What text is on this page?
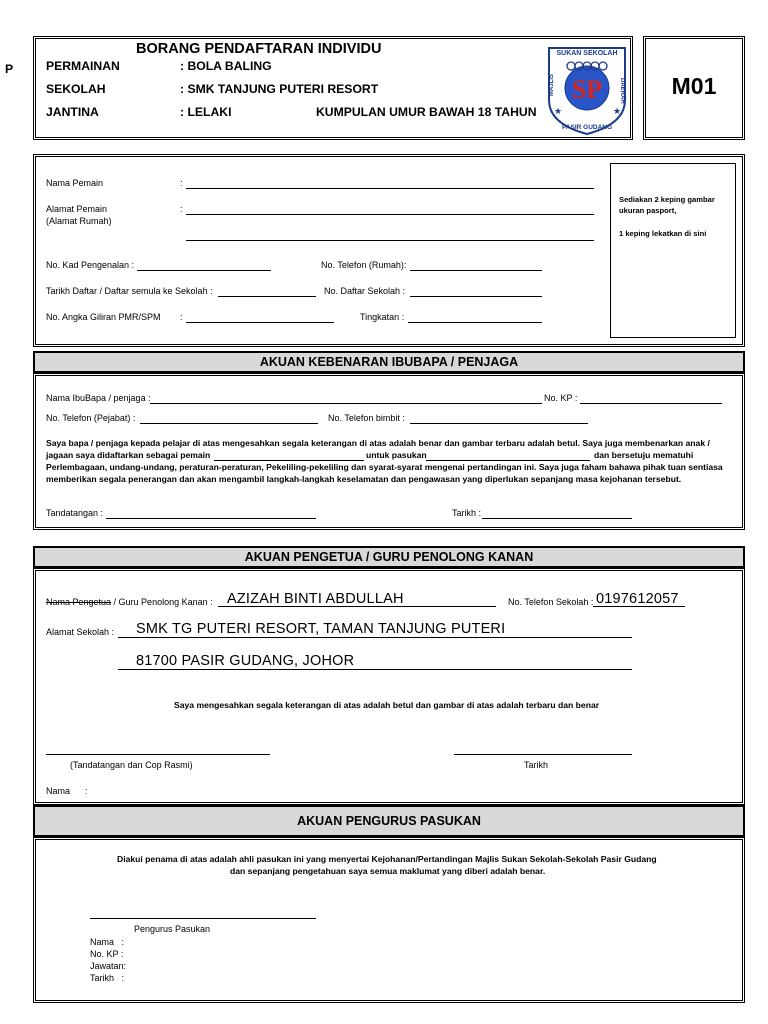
P
BORANG PENDAFTARAN INDIVIDU
PERMAINAN	: BOLA BALING
SEKOLAH	: SMK TANJUNG PUTERI RESORT
JANTINA	: LELAKI	KUMPULAN UMUR BAWAH 18 TAHUN
SP
SUKAN SEKOLAH
MAJLIS	DAERAH
PASIR GUDANG
★	★
M01
Nama Pemain	:
Alamat Pemain
(Alamat Rumah)
:
No. Kad Pengenalan :	No. Telefon (Rumah):
Tarikh Daftar / Daftar semula ke Sekolah :	No. Daftar Sekolah :
No. Angka Giliran PMR/SPM :	Tingkatan :
Sediakan 2 keping gambar
ukuran pasport,
1 keping lekatkan di sini
AKUAN KEBENARAN IBUBAPA / PENJAGA
Nama IbuBapa / penjaga :	No. KP :
No. Telefon (Pejabat) :	No. Telefon bimbit :
Saya bapa / penjaga kepada pelajar di atas mengesahkan segala keterangan di atas adalah benar dan gambar terbaru adalah betul. Saya juga membenarkan anak /
jagaan saya didaftarkan sebagai pemain	untuk pasukan	dan bersetuju mematuhi
Perlembagaan, undang-undang, peraturan-peraturan, Pekeliling-pekeliling dan syarat-syarat mengenai pertandingan ini. Saya juga faham bahawa pihak tuan sentiasa
memberikan segala penerangan dan akan mengambil langkah-langkah keselamatan dan pengawasan yang diperlukan sepanjang masa kejohanan tersebut.
Tandatangan :	Tarikh :
AKUAN PENGETUA / GURU PENOLONG KANAN
Nama Pengetua / Guru Penolong Kanan : AZIZAH BINTI ABDULLAH	No. Telefon Sekolah : 0197612057
Alamat Sekolah : SMK TG PUTERI RESORT, TAMAN TANJUNG PUTERI
81700 PASIR GUDANG, JOHOR
Saya mengesahkan segala keterangan di atas adalah betul dan gambar di atas adalah terbaru dan benar
(Tandatangan dan Cop Rasmi)	Tarikh
Nama      :
AKUAN PENGURUS PASUKAN
Diakui penama di atas adalah ahli pasukan ini yang menyertai Kejohanan/Pertandingan Majlis Sukan Sekolah-Sekolah Pasir Gudang
dan sepanjang pengetahuan saya semua maklumat yang diberi adalah benar.
Pengurus Pasukan
Nama   :
No. KP :
Jawatan:
Tarikh   :
